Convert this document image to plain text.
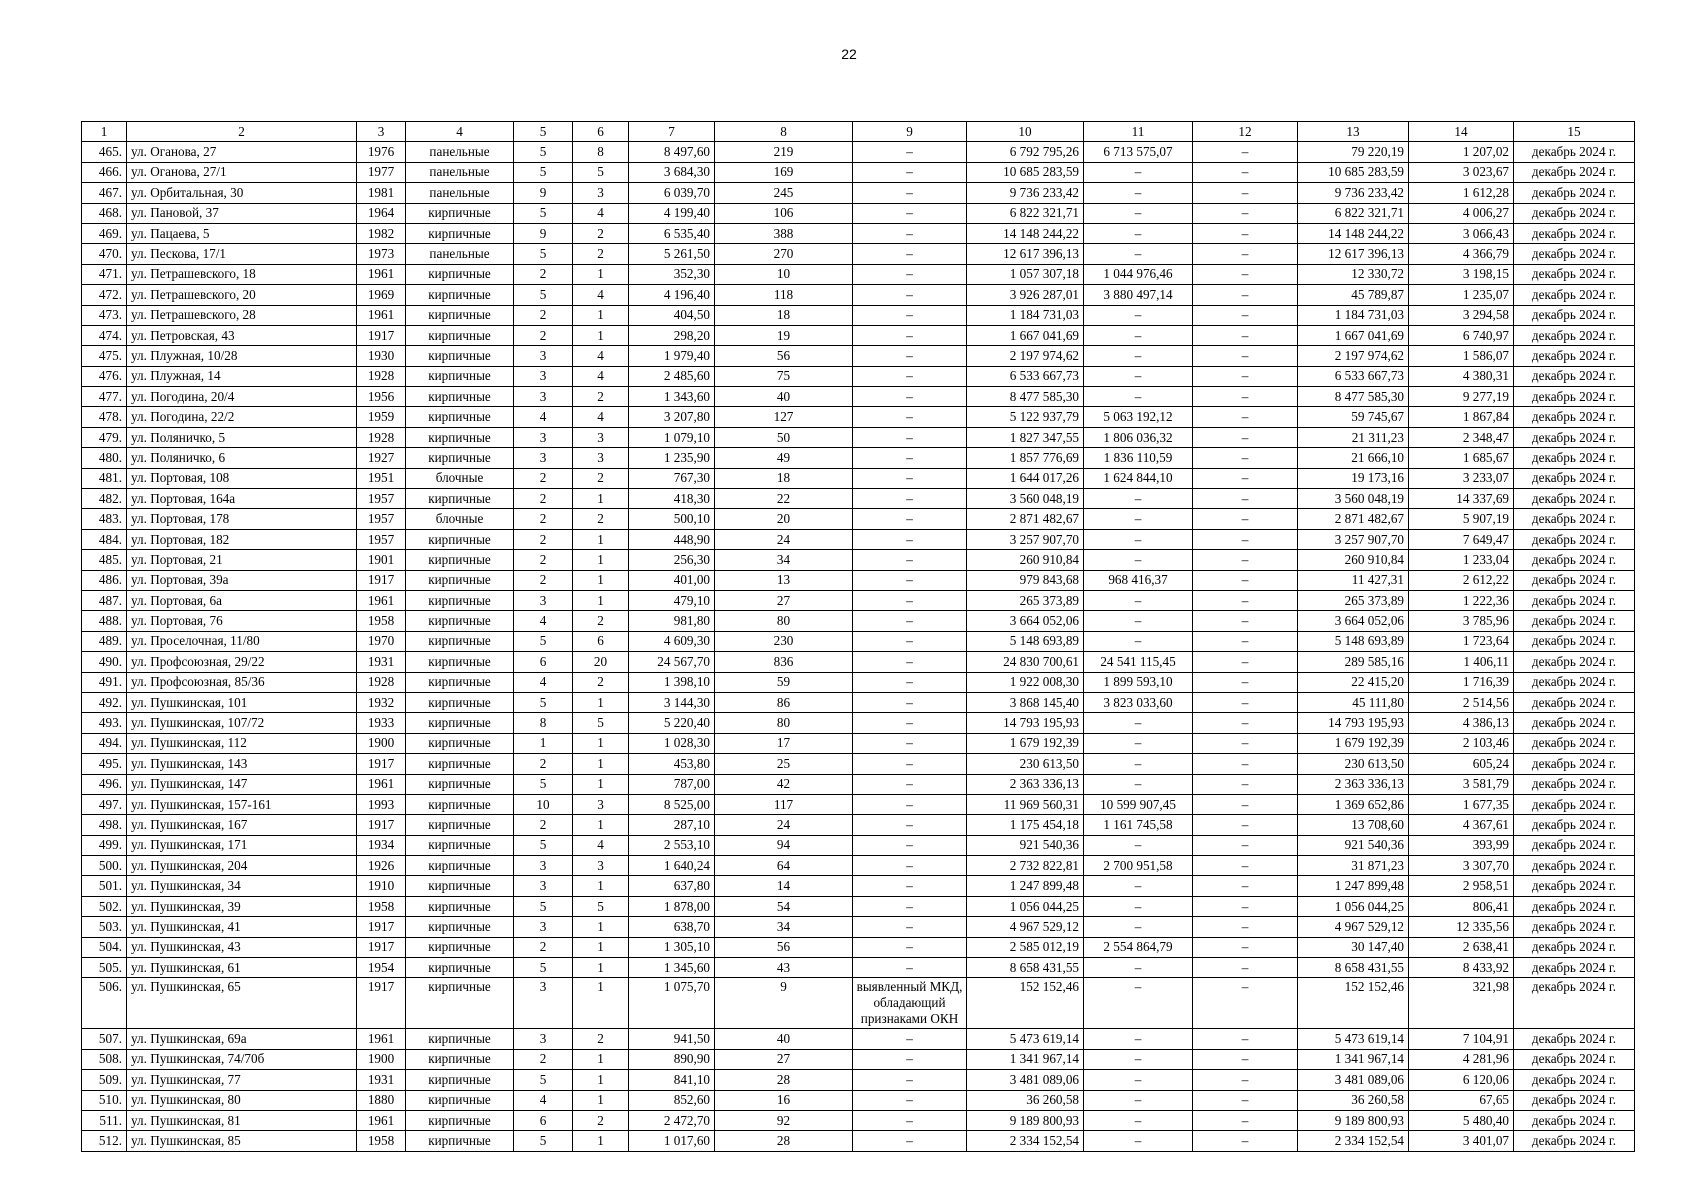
22
1	2	3	4	5	6	7	8	9	10	11	12	13	14	15
465.	ул. Оганова, 27	1976	панельные	5	8	8 497,60	219	–	6 792 795,26	6 713 575,07	–	79 220,19	1 207,02	декабрь 2024 г.
466.	ул. Оганова, 27/1	1977	панельные	5	5	3 684,30	169	–	10 685 283,59	–	–	10 685 283,59	3 023,67	декабрь 2024 г.
467.	ул. Орбитальная, 30	1981	панельные	9	3	6 039,70	245	–	9 736 233,42	–	–	9 736 233,42	1 612,28	декабрь 2024 г.
468.	ул. Пановой, 37	1964	кирпичные	5	4	4 199,40	106	–	6 822 321,71	–	–	6 822 321,71	4 006,27	декабрь 2024 г.
469.	ул. Пацаева, 5	1982	кирпичные	9	2	6 535,40	388	–	14 148 244,22	–	–	14 148 244,22	3 066,43	декабрь 2024 г.
470.	ул. Пескова, 17/1	1973	панельные	5	2	5 261,50	270	–	12 617 396,13	–	–	12 617 396,13	4 366,79	декабрь 2024 г.
471.	ул. Петрашевского, 18	1961	кирпичные	2	1	352,30	10	–	1 057 307,18	1 044 976,46	–	12 330,72	3 198,15	декабрь 2024 г.
472.	ул. Петрашевского, 20	1969	кирпичные	5	4	4 196,40	118	–	3 926 287,01	3 880 497,14	–	45 789,87	1 235,07	декабрь 2024 г.
473.	ул. Петрашевского, 28	1961	кирпичные	2	1	404,50	18	–	1 184 731,03	–	–	1 184 731,03	3 294,58	декабрь 2024 г.
474.	ул. Петровская, 43	1917	кирпичные	2	1	298,20	19	–	1 667 041,69	–	–	1 667 041,69	6 740,97	декабрь 2024 г.
475.	ул. Плужная, 10/28	1930	кирпичные	3	4	1 979,40	56	–	2 197 974,62	–	–	2 197 974,62	1 586,07	декабрь 2024 г.
476.	ул. Плужная, 14	1928	кирпичные	3	4	2 485,60	75	–	6 533 667,73	–	–	6 533 667,73	4 380,31	декабрь 2024 г.
477.	ул. Погодина, 20/4	1956	кирпичные	3	2	1 343,60	40	–	8 477 585,30	–	–	8 477 585,30	9 277,19	декабрь 2024 г.
478.	ул. Погодина, 22/2	1959	кирпичные	4	4	3 207,80	127	–	5 122 937,79	5 063 192,12	–	59 745,67	1 867,84	декабрь 2024 г.
479.	ул. Поляничко, 5	1928	кирпичные	3	3	1 079,10	50	–	1 827 347,55	1 806 036,32	–	21 311,23	2 348,47	декабрь 2024 г.
480.	ул. Поляничко, 6	1927	кирпичные	3	3	1 235,90	49	–	1 857 776,69	1 836 110,59	–	21 666,10	1 685,67	декабрь 2024 г.
481.	ул. Портовая, 108	1951	блочные	2	2	767,30	18	–	1 644 017,26	1 624 844,10	–	19 173,16	3 233,07	декабрь 2024 г.
482.	ул. Портовая, 164а	1957	кирпичные	2	1	418,30	22	–	3 560 048,19	–	–	3 560 048,19	14 337,69	декабрь 2024 г.
483.	ул. Портовая, 178	1957	блочные	2	2	500,10	20	–	2 871 482,67	–	–	2 871 482,67	5 907,19	декабрь 2024 г.
484.	ул. Портовая, 182	1957	кирпичные	2	1	448,90	24	–	3 257 907,70	–	–	3 257 907,70	7 649,47	декабрь 2024 г.
485.	ул. Портовая, 21	1901	кирпичные	2	1	256,30	34	–	260 910,84	–	–	260 910,84	1 233,04	декабрь 2024 г.
486.	ул. Портовая, 39а	1917	кирпичные	2	1	401,00	13	–	979 843,68	968 416,37	–	11 427,31	2 612,22	декабрь 2024 г.
487.	ул. Портовая, 6а	1961	кирпичные	3	1	479,10	27	–	265 373,89	–	–	265 373,89	1 222,36	декабрь 2024 г.
488.	ул. Портовая, 76	1958	кирпичные	4	2	981,80	80	–	3 664 052,06	–	–	3 664 052,06	3 785,96	декабрь 2024 г.
489.	ул. Проселочная, 11/80	1970	кирпичные	5	6	4 609,30	230	–	5 148 693,89	–	–	5 148 693,89	1 723,64	декабрь 2024 г.
490.	ул. Профсоюзная, 29/22	1931	кирпичные	6	20	24 567,70	836	–	24 830 700,61	24 541 115,45	–	289 585,16	1 406,11	декабрь 2024 г.
491.	ул. Профсоюзная, 85/36	1928	кирпичные	4	2	1 398,10	59	–	1 922 008,30	1 899 593,10	–	22 415,20	1 716,39	декабрь 2024 г.
492.	ул. Пушкинская, 101	1932	кирпичные	5	1	3 144,30	86	–	3 868 145,40	3 823 033,60	–	45 111,80	2 514,56	декабрь 2024 г.
493.	ул. Пушкинская, 107/72	1933	кирпичные	8	5	5 220,40	80	–	14 793 195,93	–	–	14 793 195,93	4 386,13	декабрь 2024 г.
494.	ул. Пушкинская, 112	1900	кирпичные	1	1	1 028,30	17	–	1 679 192,39	–	–	1 679 192,39	2 103,46	декабрь 2024 г.
495.	ул. Пушкинская, 143	1917	кирпичные	2	1	453,80	25	–	230 613,50	–	–	230 613,50	605,24	декабрь 2024 г.
496.	ул. Пушкинская, 147	1961	кирпичные	5	1	787,00	42	–	2 363 336,13	–	–	2 363 336,13	3 581,79	декабрь 2024 г.
497.	ул. Пушкинская, 157-161	1993	кирпичные	10	3	8 525,00	117	–	11 969 560,31	10 599 907,45	–	1 369 652,86	1 677,35	декабрь 2024 г.
498.	ул. Пушкинская, 167	1917	кирпичные	2	1	287,10	24	–	1 175 454,18	1 161 745,58	–	13 708,60	4 367,61	декабрь 2024 г.
499.	ул. Пушкинская, 171	1934	кирпичные	5	4	2 553,10	94	–	921 540,36	–	–	921 540,36	393,99	декабрь 2024 г.
500.	ул. Пушкинская, 204	1926	кирпичные	3	3	1 640,24	64	–	2 732 822,81	2 700 951,58	–	31 871,23	3 307,70	декабрь 2024 г.
501.	ул. Пушкинская, 34	1910	кирпичные	3	1	637,80	14	–	1 247 899,48	–	–	1 247 899,48	2 958,51	декабрь 2024 г.
502.	ул. Пушкинская, 39	1958	кирпичные	5	5	1 878,00	54	–	1 056 044,25	–	–	1 056 044,25	806,41	декабрь 2024 г.
503.	ул. Пушкинская, 41	1917	кирпичные	3	1	638,70	34	–	4 967 529,12	–	–	4 967 529,12	12 335,56	декабрь 2024 г.
504.	ул. Пушкинская, 43	1917	кирпичные	2	1	1 305,10	56	–	2 585 012,19	2 554 864,79	–	30 147,40	2 638,41	декабрь 2024 г.
505.	ул. Пушкинская, 61	1954	кирпичные	5	1	1 345,60	43	–	8 658 431,55	–	–	8 658 431,55	8 433,92	декабрь 2024 г.
506.	ул. Пушкинская, 65	1917	кирпичные	3	1	1 075,70	9	выявленный МКД, обладающий признаками ОКН	152 152,46	–	–	152 152,46	321,98	декабрь 2024 г.
507.	ул. Пушкинская, 69а	1961	кирпичные	3	2	941,50	40	–	5 473 619,14	–	–	5 473 619,14	7 104,91	декабрь 2024 г.
508.	ул. Пушкинская, 74/70б	1900	кирпичные	2	1	890,90	27	–	1 341 967,14	–	–	1 341 967,14	4 281,96	декабрь 2024 г.
509.	ул. Пушкинская, 77	1931	кирпичные	5	1	841,10	28	–	3 481 089,06	–	–	3 481 089,06	6 120,06	декабрь 2024 г.
510.	ул. Пушкинская, 80	1880	кирпичные	4	1	852,60	16	–	36 260,58	–	–	36 260,58	67,65	декабрь 2024 г.
511.	ул. Пушкинская, 81	1961	кирпичные	6	2	2 472,70	92	–	9 189 800,93	–	–	9 189 800,93	5 480,40	декабрь 2024 г.
512.	ул. Пушкинская, 85	1958	кирпичные	5	1	1 017,60	28	–	2 334 152,54	–	–	2 334 152,54	3 401,07	декабрь 2024 г.
